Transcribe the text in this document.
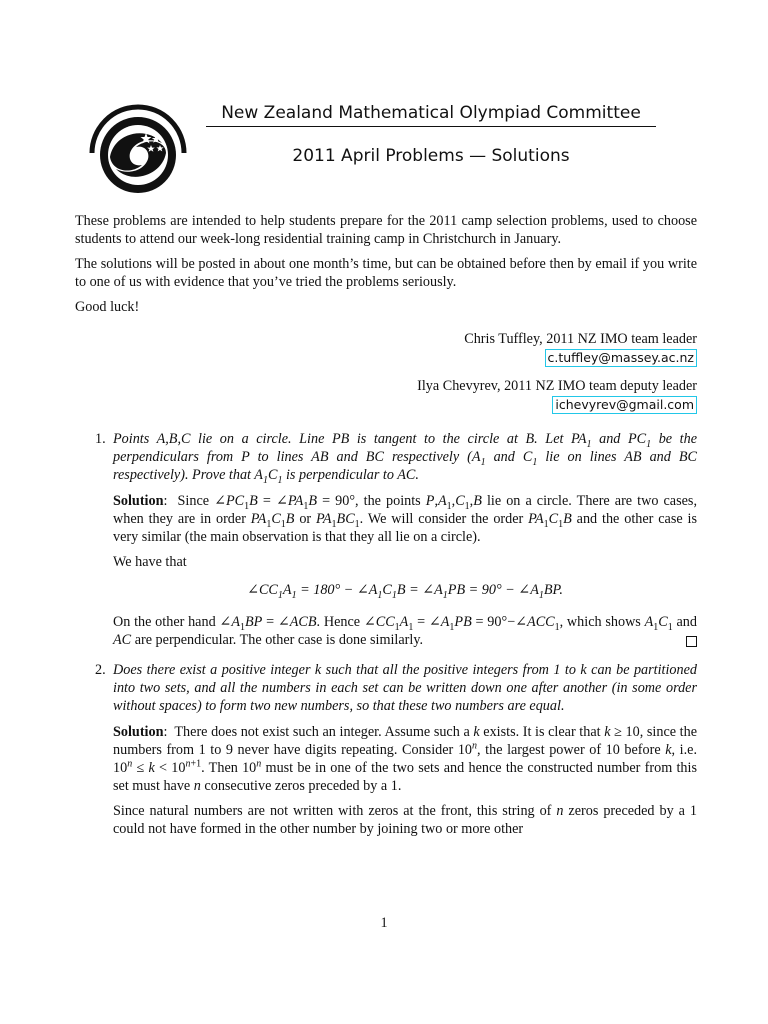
New Zealand Mathematical Olympiad Committee
2011 April Problems — Solutions

These problems are intended to help students prepare for the 2011 camp selection problems, used to choose students to attend our week-long residential training camp in Christchurch in January.

The solutions will be posted in about one month’s time, but can be obtained before then by email if you write to one of us with evidence that you’ve tried the problems seriously.

Good luck!

Chris Tuffley, 2011 NZ IMO team leader
c.tuffley@massey.ac.nz
Ilya Chevyrev, 2011 NZ IMO team deputy leader
ichevyrev@gmail.com
1. Points A,B,C lie on a circle. Line PB is tangent to the circle at B. Let $PA_1$ and $PC_1$ be the perpendiculars from P to lines AB and BC respectively ($A_1$ and $C_1$ lie on lines AB and BC respectively). Prove that $A_1C_1$ is perpendicular to AC.

Solution:  Since $\angle PC_1B$ = $\angle PA_1B = 90^\circ$, the points $P,A_1,C_1,B$ lie on a circle. There are two cases, when they are in order $PA_1C_1B$ or $PA_1BC_1$. We will consider the order $PA_1C_1B$ and the other case is very similar (the main observation is that they all lie on a circle).

We have that

$\angle CC_1A_1 = 180^\circ$ − $\angle A_1C_1B$ = $\angle A_1PB = 90^\circ$ − $\angle A_1BP$.

On the other hand $\angle A_1BP$ = ∠ACB. Hence $\angle CC_1A_1$ = $\angle A_1PB$ = $90^\circ-\angle ACC_1$, which shows $A_1C_1$ and AC are perpendicular. The other case is done similarly.

2. Does there exist a positive integer k such that all the positive integers from 1 to k can be partitioned into two sets, and all the numbers in each set can be written down one after another (in some order without spaces) to form two new numbers, so that these two numbers are equal.

Solution:  There does not exist such an integer. Assume such a k exists. It is clear that k ≥ 10, since the numbers from 1 to 9 never have digits repeating. Consider 10$^n$, the largest power of 10 before k, i.e. $10^n \le k < 10^{n+1}$. Then 10$^n$ must be in one of the two sets and hence the constructed number from this set must have n consecutive zeros preceded by a 1.

Since natural numbers are not written with zeros at the front, this string of n zeros preceded by a 1 could not have formed in the other number by joining two or more other

1
